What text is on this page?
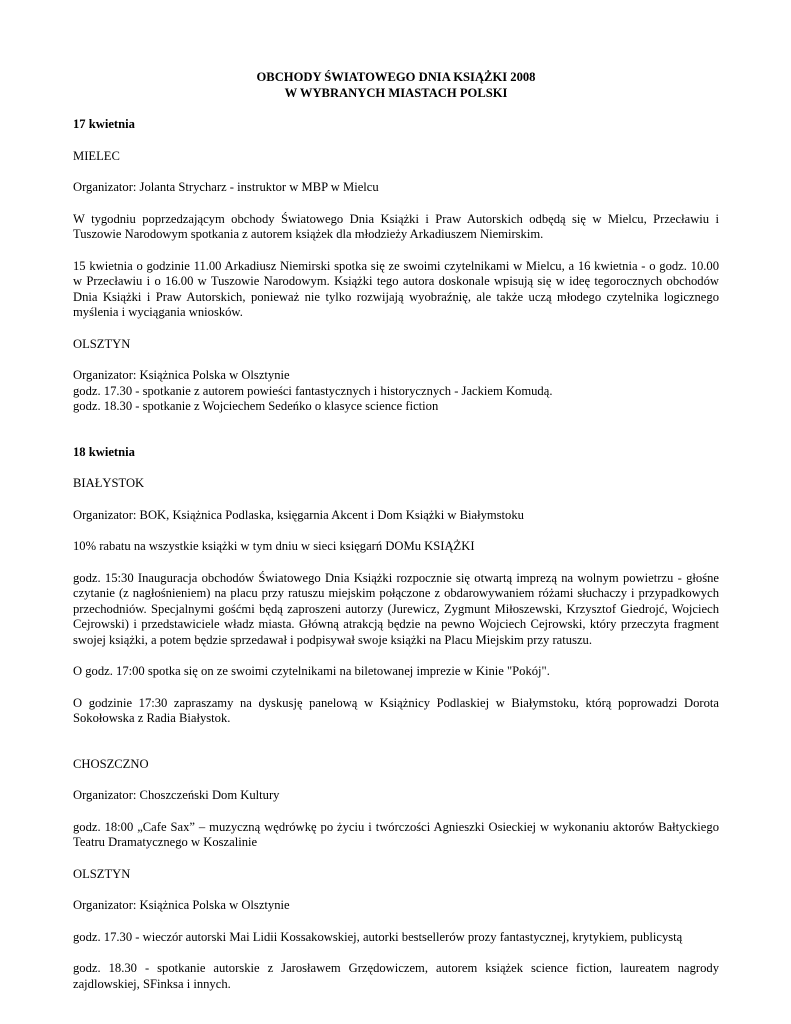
OBCHODY ŚWIATOWEGO DNIA KSIĄŻKI 2008

W WYBRANYCH MIASTACH POLSKI

17 kwietnia

MIELEC

Organizator: Jolanta Strycharz - instruktor w MBP w Mielcu

W tygodniu poprzedzającym obchody Światowego Dnia Książki i Praw Autorskich odbędą się w Mielcu, Przecławiu i Tuszowie Narodowym spotkania z autorem książek dla młodzieży Arkadiuszem Niemirskim.

15 kwietnia o godzinie 11.00 Arkadiusz Niemirski spotka się ze swoimi czytelnikami w Mielcu, a 16 kwietnia - o godz. 10.00 w Przecławiu i o 16.00 w Tuszowie Narodowym. Książki tego autora doskonale wpisują się w ideę tegorocznych obchodów Dnia Książki i Praw Autorskich, ponieważ nie tylko rozwijają wyobraźnię, ale także uczą młodego czytelnika logicznego myślenia i wyciągania wniosków.

OLSZTYN

Organizator: Książnica Polska w Olsztynie

godz. 17.30 - spotkanie z autorem powieści fantastycznych i historycznych - Jackiem Komudą.

godz. 18.30 - spotkanie z Wojciechem Sedeńko o klasyce science fiction

18 kwietnia

BIAŁYSTOK

Organizator: BOK, Książnica Podlaska, księgarnia Akcent i Dom Książki w Białymstoku

10% rabatu na wszystkie książki w tym dniu w sieci księgarń DOMu KSIĄŻKI

godz. 15:30 Inauguracja obchodów Światowego Dnia Książki rozpocznie się otwartą imprezą na wolnym powietrzu - głośne czytanie (z nagłośnieniem) na placu przy ratuszu miejskim połączone z obdarowywaniem różami słuchaczy i przypadkowych przechodniów. Specjalnymi gośćmi będą zaproszeni autorzy (Jurewicz, Zygmunt Miłoszewski, Krzysztof Giedrojć, Wojciech Cejrowski) i przedstawiciele władz miasta. Główną atrakcją będzie na pewno Wojciech Cejrowski, który przeczyta fragment swojej książki, a potem będzie sprzedawał i podpisywał swoje książki na Placu Miejskim przy ratuszu.

O godz. 17:00 spotka się on ze swoimi czytelnikami na biletowanej imprezie w Kinie "Pokój".

O godzinie 17:30 zapraszamy na dyskusję panelową w Książnicy Podlaskiej w Białymstoku, którą poprowadzi Dorota Sokołowska z Radia Białystok.

CHOSZCZNO

Organizator: Choszczeński Dom Kultury

godz. 18:00 „Cafe Sax” – muzyczną wędrówkę po życiu i twórczości Agnieszki Osieckiej w wykonaniu aktorów Bałtyckiego Teatru Dramatycznego w Koszalinie

OLSZTYN

Organizator: Książnica Polska w Olsztynie

godz. 17.30 - wieczór autorski Mai Lidii Kossakowskiej, autorki bestsellerów prozy fantastycznej, krytykiem, publicystą

godz. 18.30 - spotkanie autorskie z Jarosławem Grzędowiczem, autorem książek science fiction, laureatem nagrody zajdlowskiej, SFinksa i innych.
